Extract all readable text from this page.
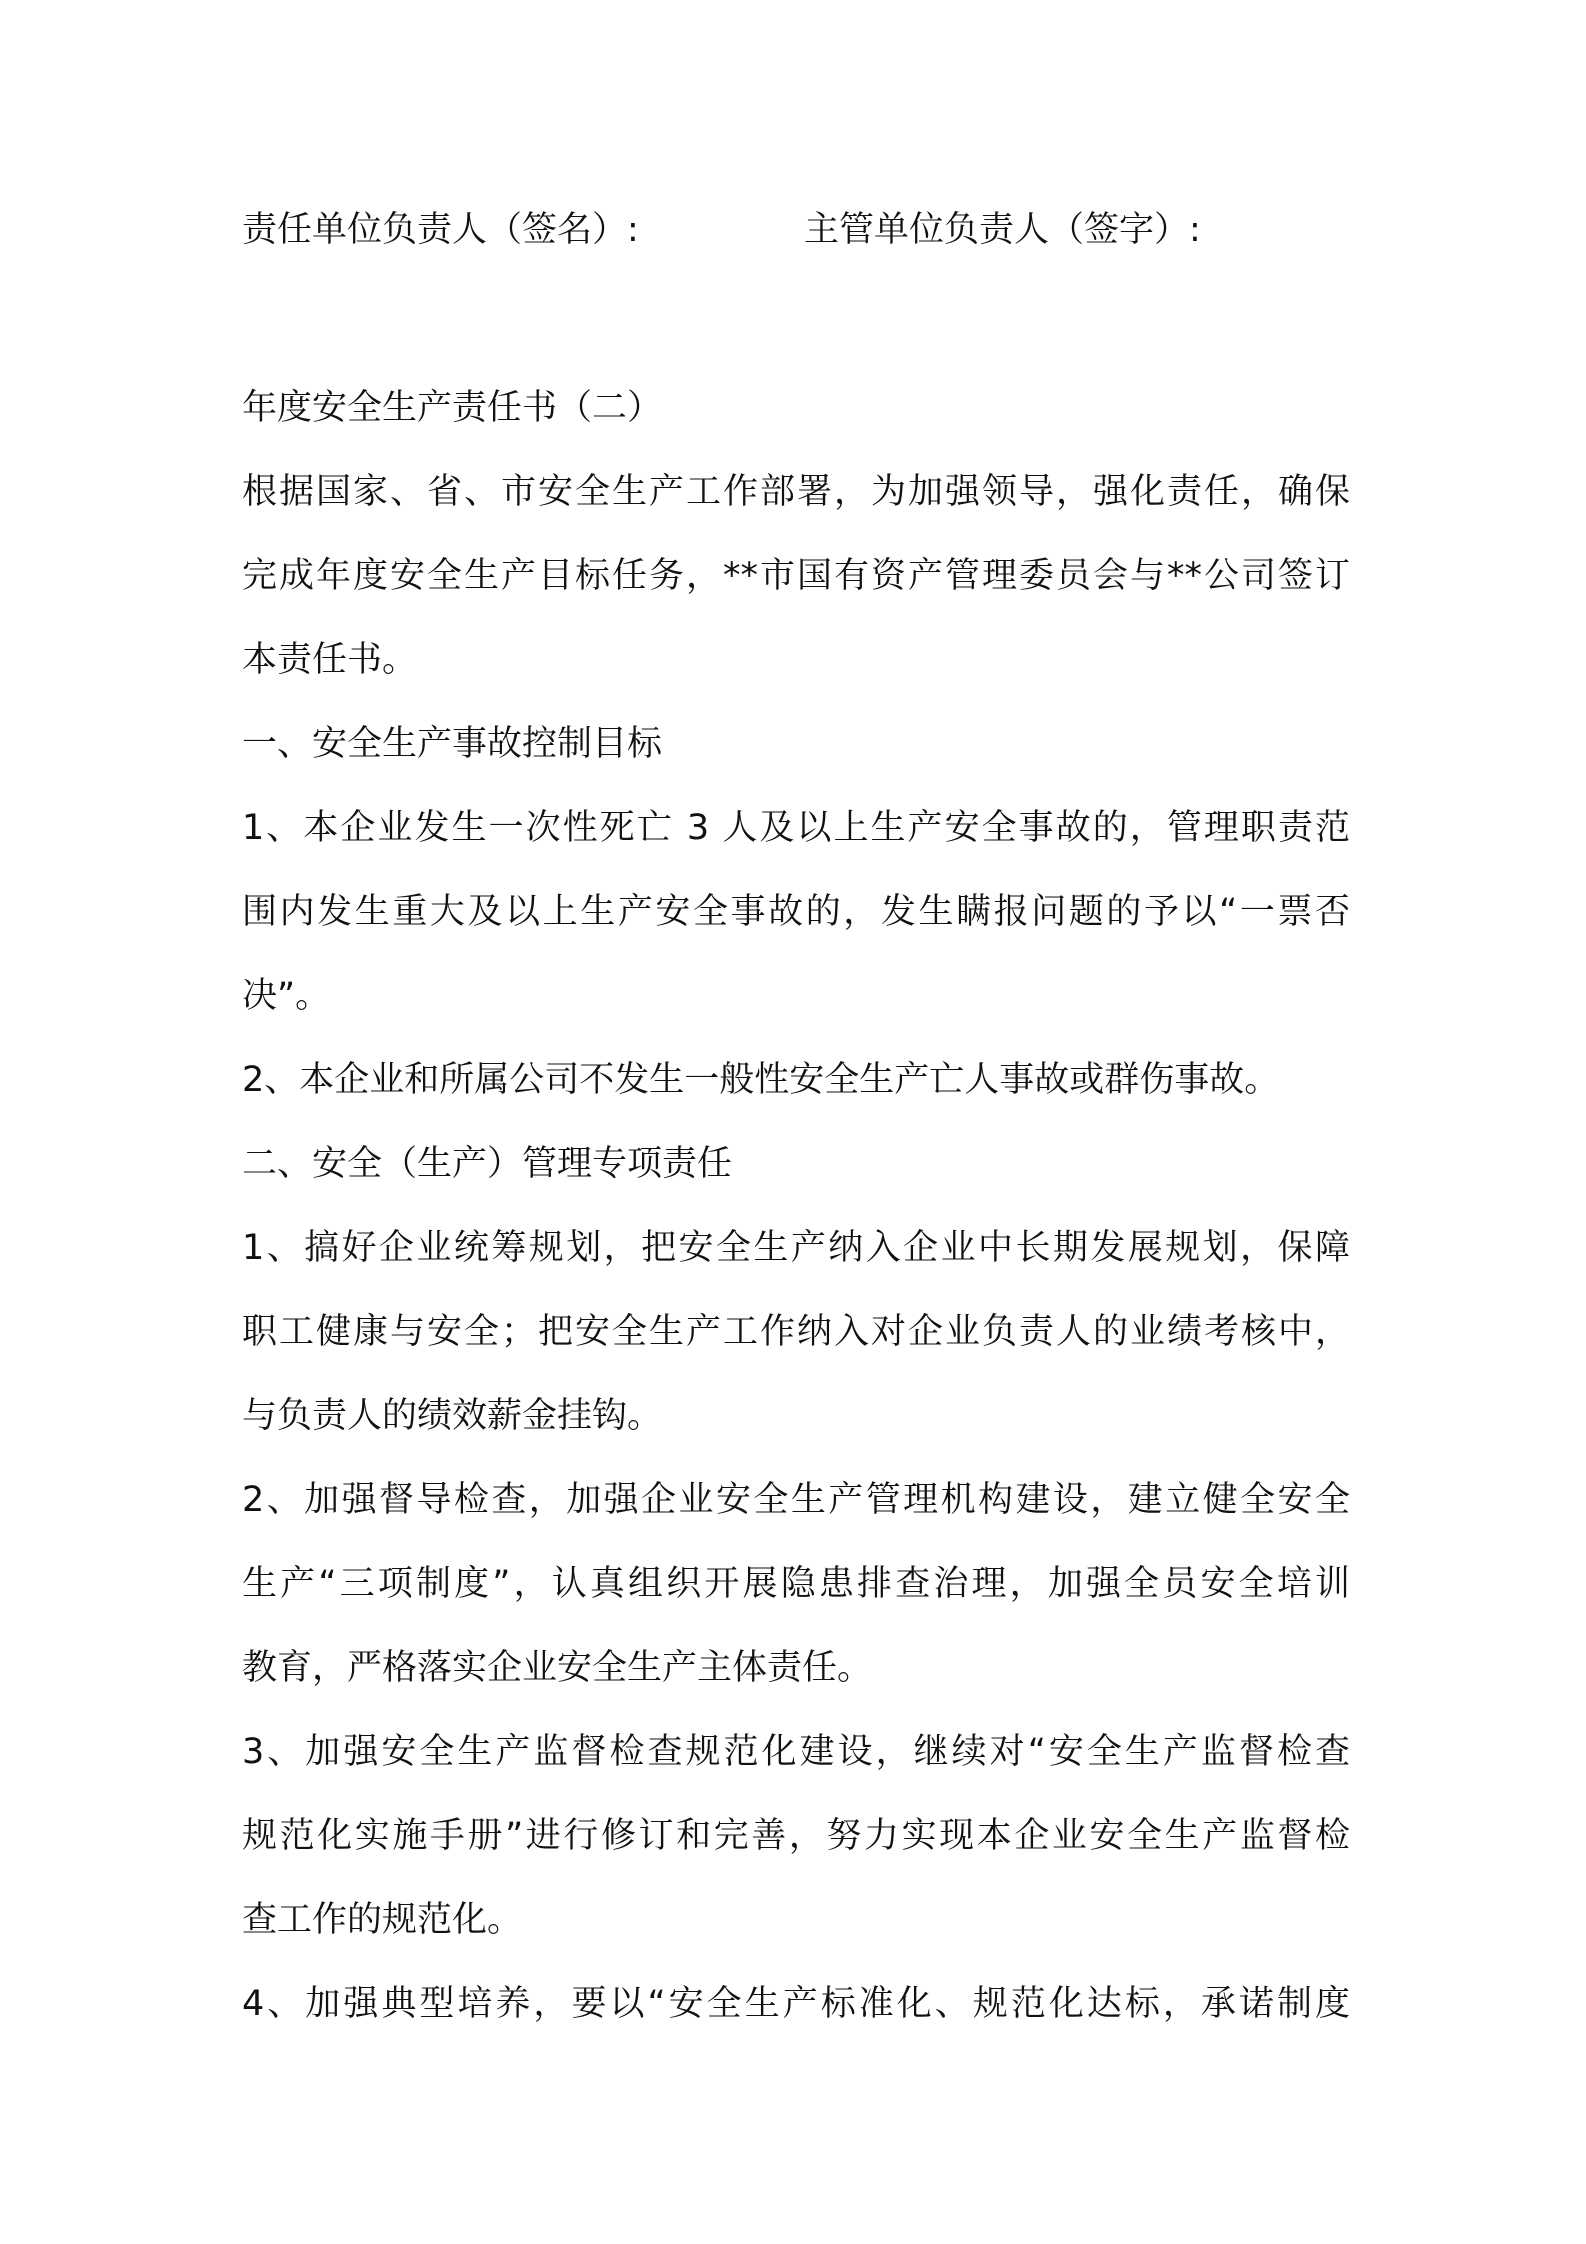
责任单位负责人（签名）:	主管单位负责人（签字）:
年度安全生产责任书（二）
根据国家、省、市安全生产工作部署，为加强领导，强化责任，确保
完成年度安全生产目标任务，**市国有资产管理委员会与**公司签订
本责任书。
一、安全生产事故控制目标
1、本企业发生一次性死亡 3 人及以上生产安全事故的，管理职责范
围内发生重大及以上生产安全事故的，发生瞒报问题的予以“一票否
决”。
2、本企业和所属公司不发生一般性安全生产亡人事故或群伤事故。
二、安全（生产）管理专项责任
1、搞好企业统筹规划，把安全生产纳入企业中长期发展规划，保障
职工健康与安全；把安全生产工作纳入对企业负责人的业绩考核中，
与负责人的绩效薪金挂钩。
2、加强督导检查，加强企业安全生产管理机构建设，建立健全安全
生产“三项制度”，认真组织开展隐患排查治理，加强全员安全培训
教育，严格落实企业安全生产主体责任。
3、加强安全生产监督检查规范化建设，继续对“安全生产监督检查
规范化实施手册”进行修订和完善，努力实现本企业安全生产监督检
查工作的规范化。
4、加强典型培养，要以“安全生产标准化、规范化达标，承诺制度
